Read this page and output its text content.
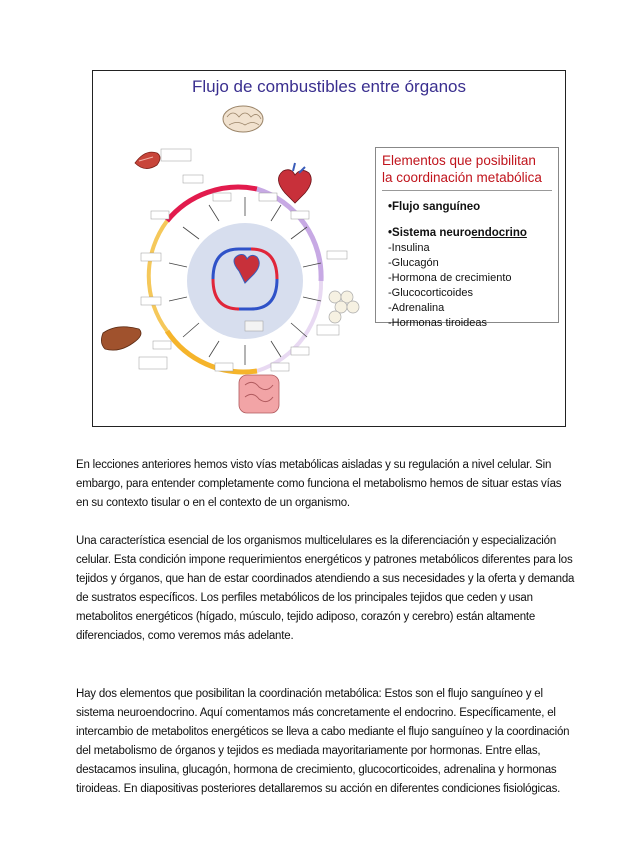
Flujo de combustibles entre órganos
Elementos que posibilitan
la coordinación metabólica
•Flujo sanguíneo
•Sistema neuroendocrino
-Insulina
-Glucagón
-Hormona de crecimiento
-Glucocorticoides
-Adrenalina
-Hormonas tiroideas

En lecciones anteriores hemos visto vías metabólicas aisladas y su regulación a nivel celular. Sin embargo, para entender completamente como funciona el metabolismo hemos de situar estas vías en su contexto tisular o en el contexto de un organismo.

Una característica esencial de los organismos multicelulares es la diferenciación y especialización celular. Esta condición impone requerimientos energéticos y patrones metabólicos diferentes para los tejidos y órganos, que han de estar coordinados atendiendo a sus necesidades y la oferta y demanda de sustratos específicos. Los perfiles metabólicos de los principales tejidos que ceden y usan metabolitos energéticos (hígado, músculo, tejido adiposo, corazón y cerebro) están altamente diferenciados, como veremos más adelante.

Hay dos elementos que posibilitan la coordinación metabólica: Estos son el flujo sanguíneo y el sistema neuroendocrino. Aquí comentamos más concretamente el endocrino. Específicamente, el intercambio de metabolitos energéticos se lleva a cabo mediante el flujo sanguíneo y la coordinación del metabolismo de órganos y tejidos es mediada mayoritariamente por hormonas. Entre ellas, destacamos insulina, glucagón, hormona de crecimiento, glucocorticoides, adrenalina y hormonas tiroideas. En diapositivas posteriores detallaremos su acción en diferentes condiciones fisiológicas.
